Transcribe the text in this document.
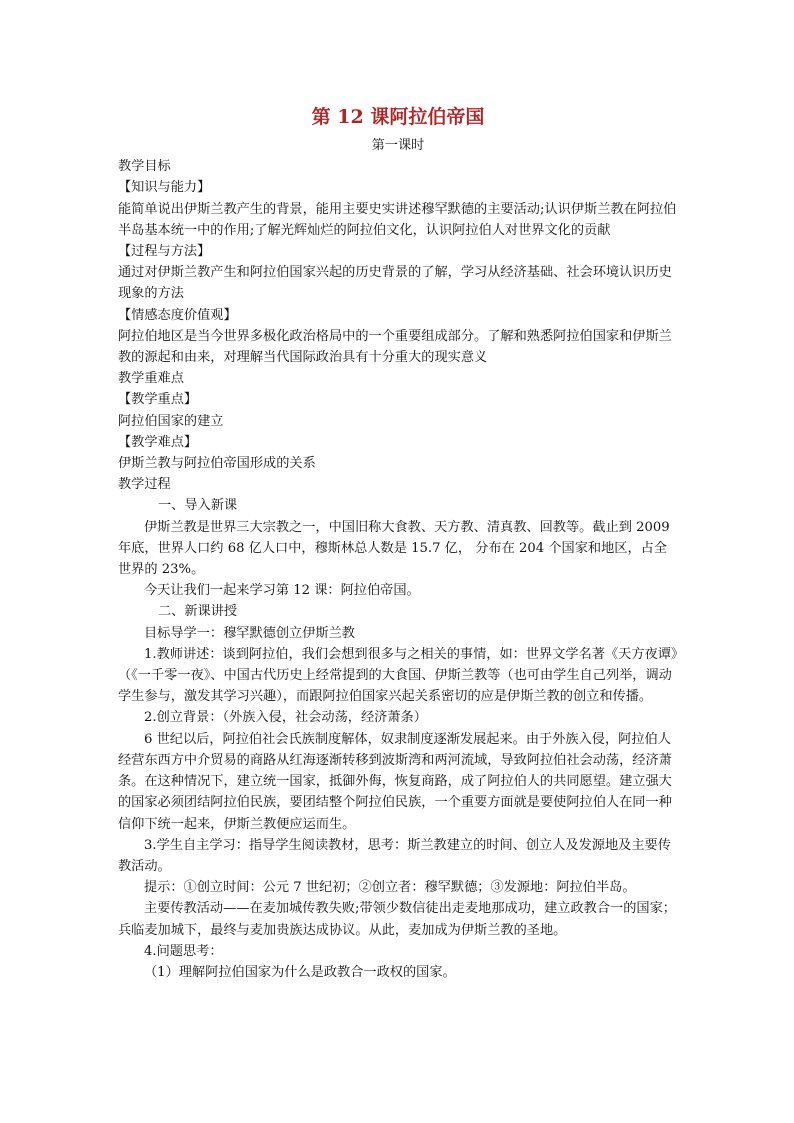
第 12 课阿拉伯帝国

第一课时

教学目标

【知识与能力】

能简单说出伊斯兰教产生的背景，能用主要史实讲述穆罕默德的主要活动;认识伊斯兰教在阿拉伯半岛基本统一中的作用;了解光辉灿烂的阿拉伯文化，认识阿拉伯人对世界文化的贡献

【过程与方法】

通过对伊斯兰教产生和阿拉伯国家兴起的历史背景的了解，学习从经济基础、社会环境认识历史现象的方法

【情感态度价值观】

阿拉伯地区是当今世界多极化政治格局中的一个重要组成部分。了解和熟悉阿拉伯国家和伊斯兰教的源起和由来，对理解当代国际政治具有十分重大的现实意义

教学重难点

【教学重点】

阿拉伯国家的建立

【教学难点】

伊斯兰教与阿拉伯帝国形成的关系

教学过程

一、导入新课

伊斯兰教是世界三大宗教之一，中国旧称大食教、天方教、清真教、回教等。截止到 2009 年底，世界人口约 68 亿人口中，穆斯林总人数是 15.7 亿， 分布在 204 个国家和地区，占全世界的 23%。

今天让我们一起来学习第 12 课：阿拉伯帝国。

二、新课讲授

目标导学一：穆罕默德创立伊斯兰教

1.教师讲述：谈到阿拉伯，我们会想到很多与之相关的事情，如：世界文学名著《天方夜谭》（《一千零一夜》、中国古代历史上经常提到的大食国、伊斯兰教等（也可由学生自己列举，调动学生参与，激发其学习兴趣），而跟阿拉伯国家兴起关系密切的应是伊斯兰教的创立和传播。

2.创立背景：（外族入侵，社会动荡，经济萧条）

6 世纪以后，阿拉伯社会氏族制度解体，奴隶制度逐渐发展起来。由于外族入侵，阿拉伯人经营东西方中介贸易的商路从红海逐渐转移到波斯湾和两河流域，导致阿拉伯社会动荡，经济萧条。在这种情况下，建立统一国家，抵御外侮，恢复商路，成了阿拉伯人的共同愿望。建立强大的国家必须团结阿拉伯民族，要团结整个阿拉伯民族，一个重要方面就是要使阿拉伯人在同一种信仰下统一起来，伊斯兰教便应运而生。

3.学生自主学习：指导学生阅读教材，思考：斯兰教建立的时间、创立人及发源地及主要传教活动。

提示：①创立时间：公元 7 世纪初；②创立者：穆罕默德；③发源地：阿拉伯半岛。

主要传教活动——在麦加城传教失败;带领少数信徒出走麦地那成功，建立政教合一的国家；兵临麦加城下，最终与麦加贵族达成协议。从此，麦加成为伊斯兰教的圣地。

4.问题思考：

（1）理解阿拉伯国家为什么是政教合一政权的国家。
